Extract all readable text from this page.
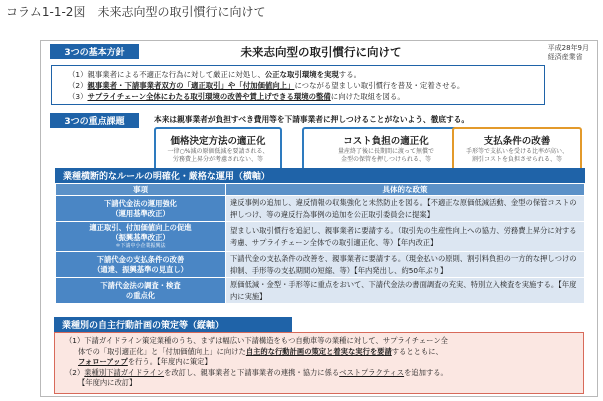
コラム1-1-2図　未来志向型の取引慣行に向けて
3つの基本方針	未来志向型の取引慣行に向けて	平成28年9月
経済産業省
（1）親事業者による不適正な行為に対して厳正に対処し、公正な取引環境を実現する。
（2）親事業者・下請事業者双方の「適正取引」や「付加価値向上」につながる望ましい取引慣行を普及・定着させる。
（3）サプライチェーン全体にわたる取引環境の改善や賃上げできる環境の整備に向けた取組を図る。
3つの重点課題	本来は親事業者が負担すべき費用等を下請事業者に押しつけることがないよう、徹底する。
価格決定方法の適正化
一律○%減の原価低減を要請される、
労務費上昇分が考慮されない、等
コスト負担の適正化
量産終了後に長期間に渡って無償で
金型の保管を押しつけられる、等
支払条件の改善
手形等で支払いを受ける比率が高い、
割引コストを負担させられる、等
業種横断的なルールの明確化・厳格な運用（横軸）
事項	具体的な政策

下請代金法の運用強化
（運用基準改正）	違反事例の追加し、違反情報の収集強化と未然防止を図る。【不適正な原価低減活動、金型の保管コストの押しつけ、等の違反行為事例の追加を公正取引委員会に提案】

適正取引、付加価値向上の促進
（振興基準改正）
＊下請中小企業振興法	望ましい取引慣行を追記し、親事業者に要請する。（取引先の生産性向上への協力、労務費上昇分に対する考慮、サプライチェーン全体での取引適正化、等）【年内改正】

下請代金の支払条件の改善
（通達、振興基準の見直し）	下請代金の支払条件の改善を、親事業者に要請する。（現金払いの原則、割引料負担の一方的な押しつけの抑制、手形等の支払期間の短縮、等）【年内発出し、約50年ぶり】

下請代金法の調査・検査
の重点化	原価低減・金型・手形等に重点をおいて、下請代金法の書面調査の充実、特別立入検査を実施する。【年度内に実施】
業種別の自主行動計画の策定等（縦軸）
（1）下請ガイドライン策定業種のうち、まずは幅広い下請構造をもつ自動車等の業種に対して、サプライチェーン全
体での「取引適正化」と「付加価値向上」に向けた自主的な行動計画の策定と着実な実行を要請するとともに、
フォローアップを行う。【年度内に策定】
（2）業種別下請ガイドラインを改訂し、親事業者と下請事業者の連携・協力に係るベストプラクティスを追加する。
【年度内に改訂】
